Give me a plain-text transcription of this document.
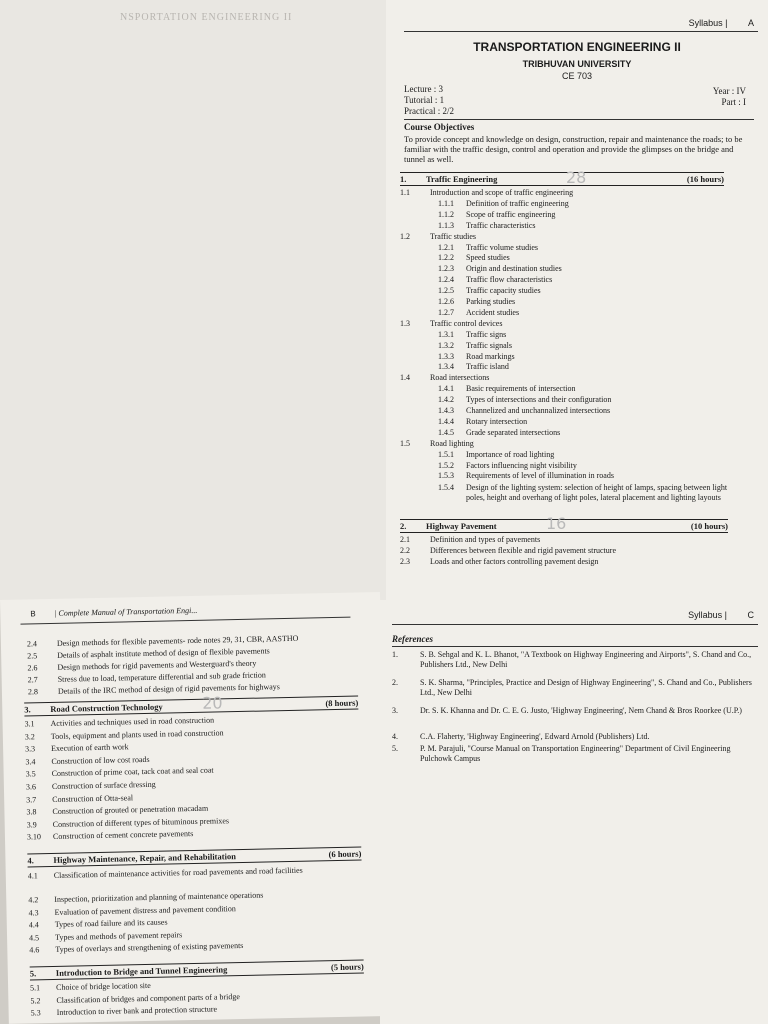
NSPORTATION ENGINEERING II	Syllabus | A
TRANSPORTATION ENGINEERING II
TRIBHUVAN UNIVERSITY
CE 703
Lecture : 3
Tutorial : 1
Practical : 2/2
Year : IV
Part : I
Course Objectives
To provide concept and knowledge on design, construction, repair and maintenance the roads; to be familiar with the traffic design, control and operation and provide the glimpses on the bridge and tunnel as well.
1. Traffic Engineering	(16 hours)
28
1.1	Introduction and scope of traffic engineering
1.1.1 Definition of traffic engineering
1.1.2 Scope of traffic engineering
1.1.3 Traffic characteristics
1.2	Traffic studies
1.2.1 Traffic volume studies
1.2.2 Speed studies
1.2.3 Origin and destination studies
1.2.4 Traffic flow characteristics
1.2.5 Traffic capacity studies
1.2.6 Parking studies
1.2.7 Accident studies
1.3	Traffic control devices
1.3.1 Traffic signs
1.3.2 Traffic signals
1.3.3 Road markings
1.3.4 Traffic island
1.4	Road intersections
1.4.1 Basic requirements of intersection
1.4.2 Types of intersections and their configuration
1.4.3 Channelized and unchannalized intersections
1.4.4 Rotary intersection
1.4.5 Grade separated intersections
1.5	Road lighting
1.5.1 Importance of road lighting
1.5.2 Factors influencing night visibility
1.5.3 Requirements of level of illumination in roads
1.5.4 Design of the lighting system: selection of height of lamps, spacing between light poles, height and overhang of light poles, lateral placement and lighting layouts
2. Highway Pavement	(10 hours)
16
2.1	Definition and types of pavements
2.2	Differences between flexible and rigid pavement structure
2.3	Loads and other factors controlling pavement design
B | Complete Manual of Transportation Engi...
2.4 Design methods for flexible pavements- rode notes 29, 31, CBR, AASTHO
2.5 Details of asphalt institute method of design of flexible pavements
2.6 Design methods for rigid pavements and Westerguard's theory
2.7 Stress due to load, temperature differential and sub grade friction
2.8 Details of the IRC method of design of rigid pavements for highways
3. Road Construction Technology	(8 hours)
20
3.1 Activities and techniques used in road construction
3.2 Tools, equipment and plants used in road construction
3.3 Execution of earth work
3.4 Construction of low cost roads
3.5 Construction of prime coat, tack coat and seal coat
3.6 Construction of surface dressing
3.7 Construction of Otta-seal
3.8 Construction of grouted or penetration macadam
3.9 Construction of different types of bituminous premixes
3.10 Construction of cement concrete pavements
4. Highway Maintenance, Repair, and Rehabilitation	(6 hours)
4.1 Classification of maintenance activities for road pavements and road facilities
4.2 Inspection, prioritization and planning of maintenance operations
4.3 Evaluation of pavement distress and pavement condition
4.4 Types of road failure and its causes
4.5 Types and methods of pavement repairs
4.6 Types of overlays and strengthening of existing pavements
5. Introduction to Bridge and Tunnel Engineering	(5 hours)
5.1 Choice of bridge location site
5.2 Classification of bridges and component parts of a bridge
5.3 Introduction to river bank and protection structure
Syllabus | C
References
1.	S. B. Sehgal and K. L. Bhanot, "A Textbook on Highway Engineering and Airports", S. Chand and Co., Publishers Ltd., New Delhi
2.	S. K. Sharma, "Principles, Practice and Design of Highway Engineering", S. Chand and Co., Publishers Ltd., New Delhi
3.	Dr. S. K. Khanna and Dr. C. E. G. Justo, 'Highway Engineering', Nem Chand & Bros Roorkee (U.P.)
4.	C.A. Flaherty, 'Highway Engineering', Edward Arnold (Publishers) Ltd.
5.	P. M. Parajuli, "Course Manual on Transportation Engineering" Department of Civil Engineering Pulchowk Campus
